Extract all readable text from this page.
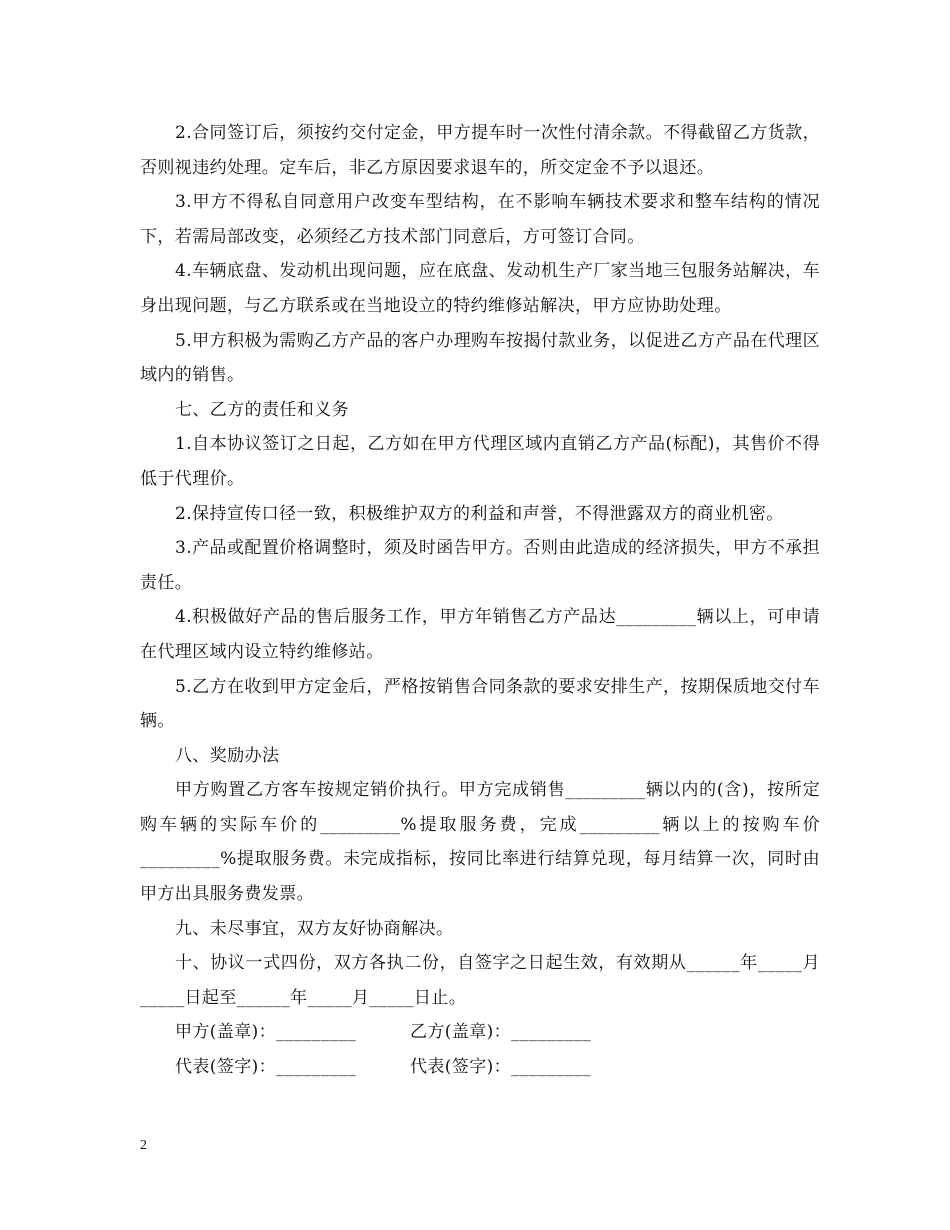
2.合同签订后，须按约交付定金，甲方提车时一次性付清余款。不得截留乙方货款，否则视违约处理。定车后，非乙方原因要求退车的，所交定金不予以退还。

3.甲方不得私自同意用户改变车型结构，在不影响车辆技术要求和整车结构的情况下，若需局部改变，必须经乙方技术部门同意后，方可签订合同。

4.车辆底盘、发动机出现问题，应在底盘、发动机生产厂家当地三包服务站解决，车身出现问题，与乙方联系或在当地设立的特约维修站解决，甲方应协助处理。

5.甲方积极为需购乙方产品的客户办理购车按揭付款业务，以促进乙方产品在代理区域内的销售。

七、乙方的责任和义务

1.自本协议签订之日起，乙方如在甲方代理区域内直销乙方产品(标配)，其售价不得低于代理价。

2.保持宣传口径一致，积极维护双方的利益和声誉，不得泄露双方的商业机密。

3.产品或配置价格调整时，须及时函告甲方。否则由此造成的经济损失，甲方不承担责任。

4.积极做好产品的售后服务工作，甲方年销售乙方产品达_________辆以上，可申请在代理区域内设立特约维修站。

5.乙方在收到甲方定金后，严格按销售合同条款的要求安排生产，按期保质地交付车辆。

八、奖励办法

甲方购置乙方客车按规定销价执行。甲方完成销售_________辆以内的(含)，按所定购车辆的实际车价的_________%提取服务费，完成_________辆以上的按购车价_________%提取服务费。未完成指标，按同比率进行结算兑现，每月结算一次，同时由甲方出具服务费发票。

九、未尽事宜，双方友好协商解决。

十、协议一式四份，双方各执二份，自签字之日起生效，有效期从______年_____月_____日起至______年_____月_____日止。

甲方(盖章)：_________	乙方(盖章)：_________
代表(签字)：_________	代表(签字)：_________
2
